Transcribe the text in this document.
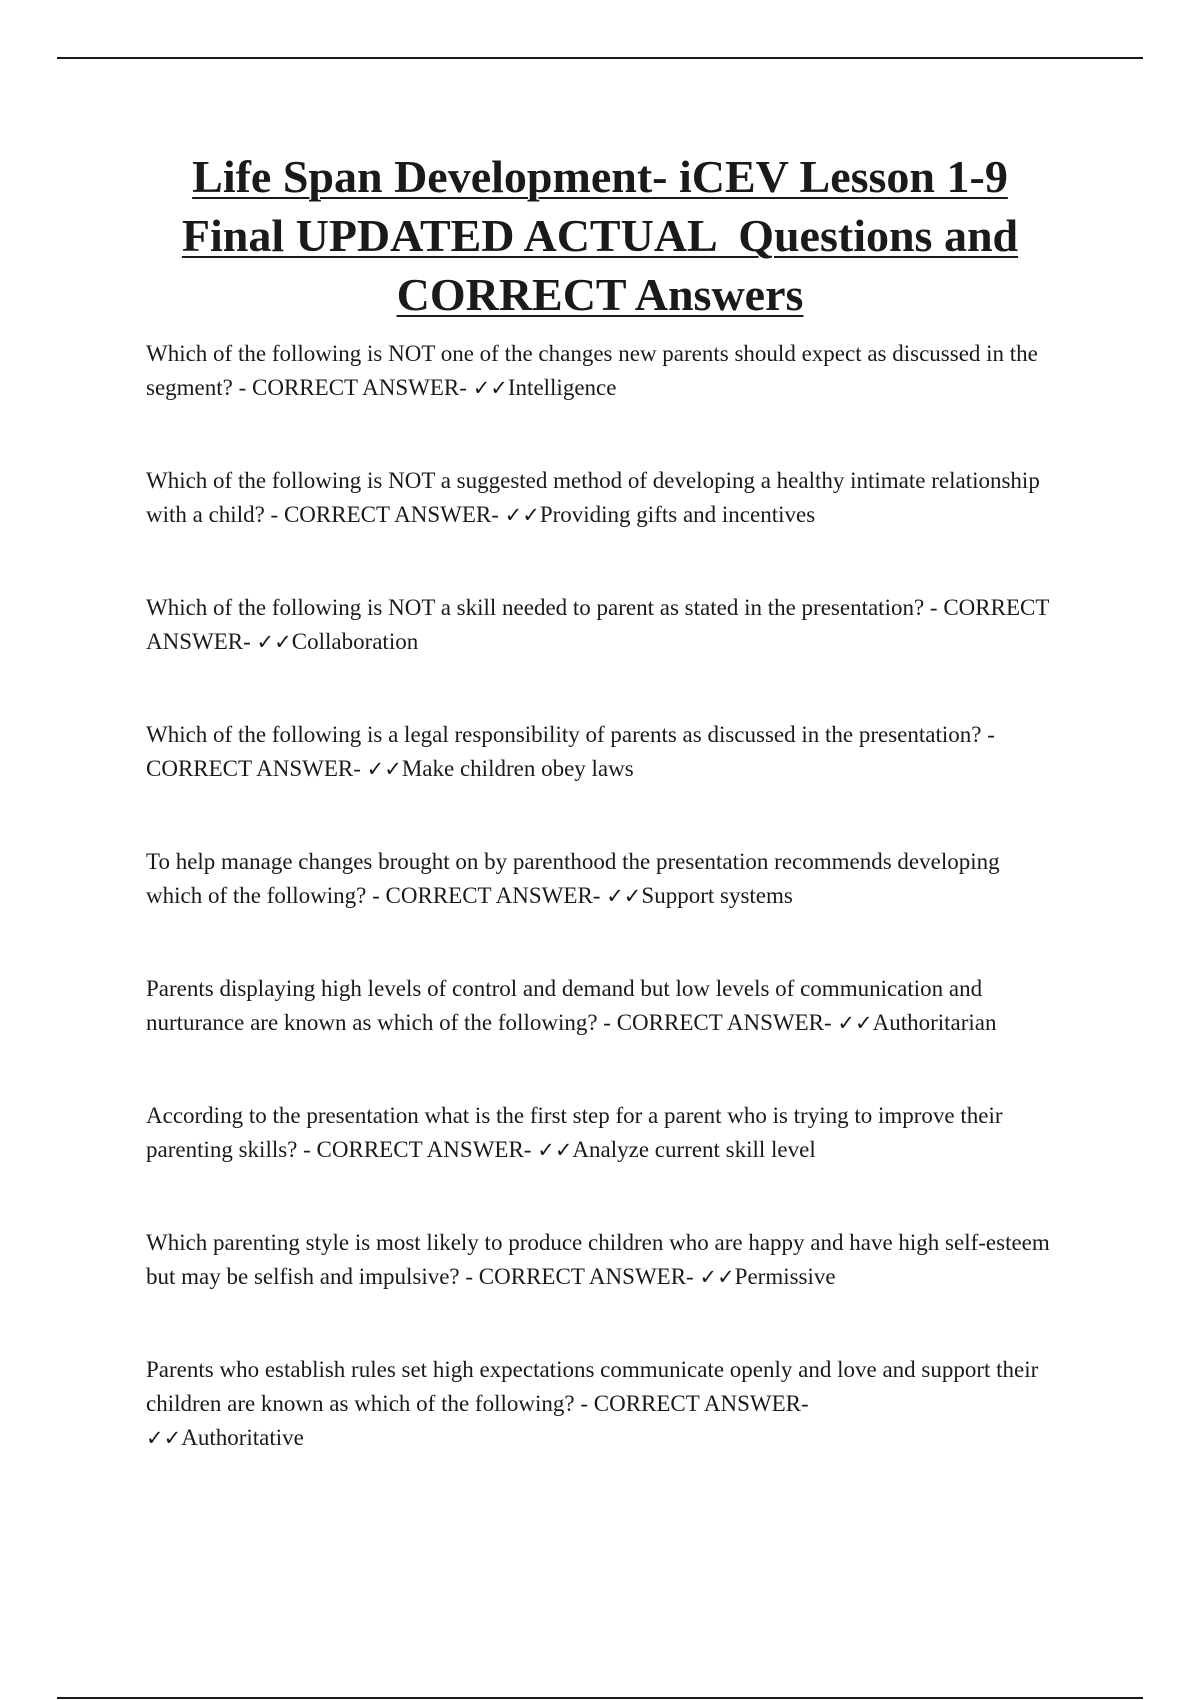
Life Span Development- iCEV Lesson 1-9
Final UPDATED ACTUAL  Questions and
CORRECT Answers
Which of the following is NOT one of the changes new parents should expect as discussed in the segment? - CORRECT ANSWER- ✓✓Intelligence
Which of the following is NOT a suggested method of developing a healthy intimate relationship with a child? - CORRECT ANSWER- ✓✓Providing gifts and incentives
Which of the following is NOT a skill needed to parent as stated in the presentation? - CORRECT ANSWER- ✓✓Collaboration
Which of the following is a legal responsibility of parents as discussed in the presentation? - CORRECT ANSWER- ✓✓Make children obey laws
To help manage changes brought on by parenthood the presentation recommends developing which of the following? - CORRECT ANSWER- ✓✓Support systems
Parents displaying high levels of control and demand but low levels of communication and nurturance are known as which of the following? - CORRECT ANSWER- ✓✓Authoritarian
According to the presentation what is the first step for a parent who is trying to improve their parenting skills? - CORRECT ANSWER- ✓✓Analyze current skill level
Which parenting style is most likely to produce children who are happy and have high self-esteem but may be selfish and impulsive? - CORRECT ANSWER- ✓✓Permissive
Parents who establish rules set high expectations communicate openly and love and support their children are known as which of the following? - CORRECT ANSWER-
✓✓Authoritative
